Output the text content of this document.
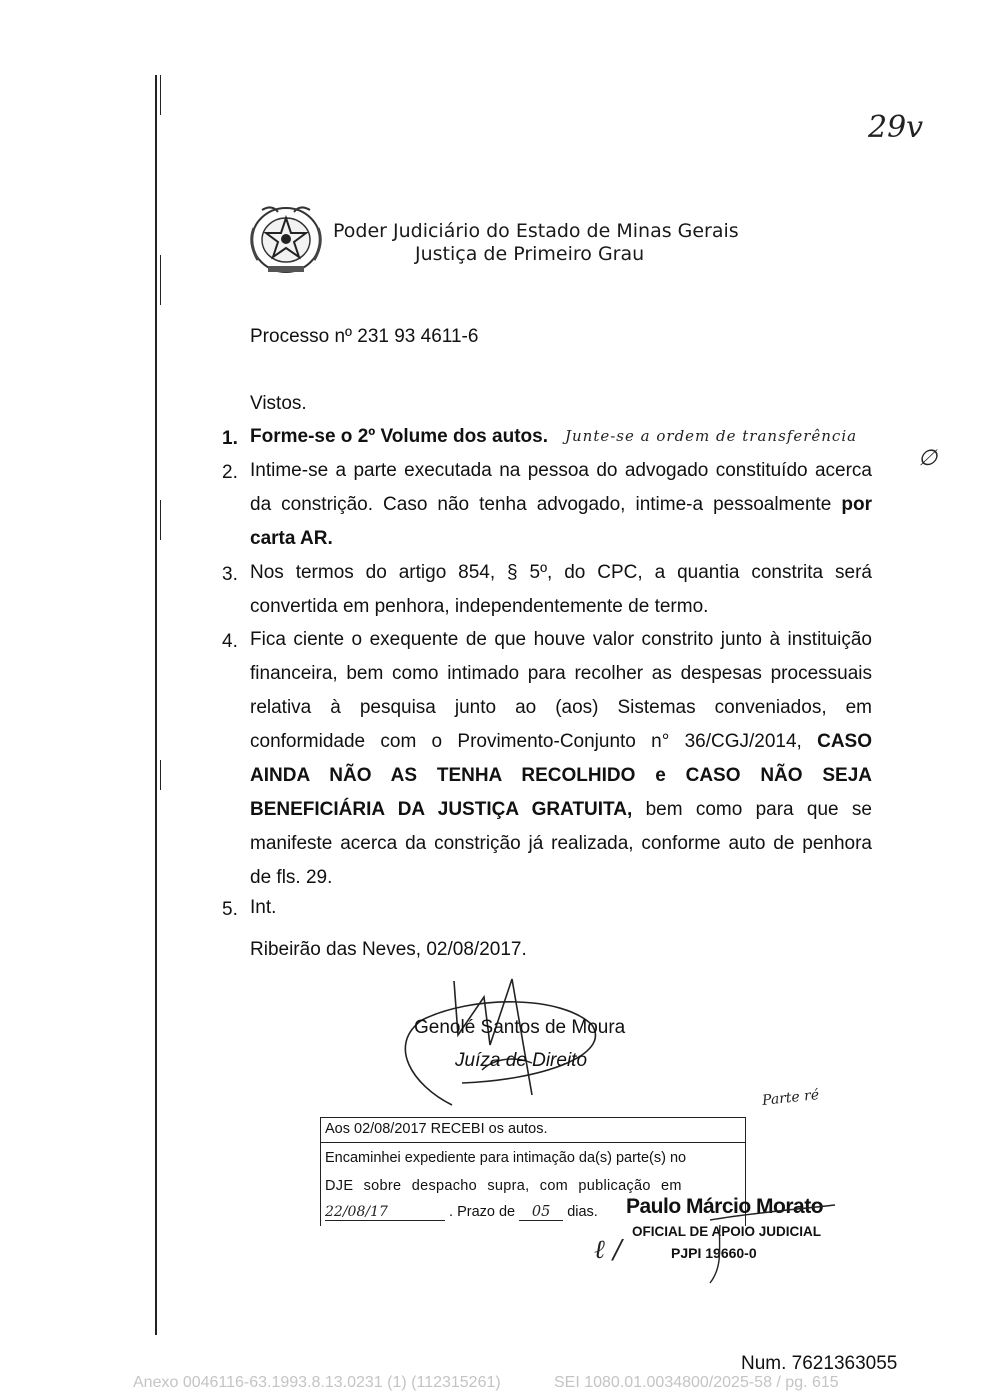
29v
Poder Judiciário do Estado de Minas Gerais
Justiça de Primeiro Grau
Processo nº 231 93 4611-6
Vistos.
1. Forme-se o 2º Volume dos autos.	Junte-se a ordem de transferência
∅
2. Intime-se a parte executada na pessoa do advogado constituído acerca da constrição. Caso não tenha advogado, intime-a pessoalmente por carta AR.
3. Nos termos do artigo 854, § 5º, do CPC, a quantia constrita será convertida em penhora, independentemente de termo.
4. Fica ciente o exequente de que houve valor constrito junto à instituição financeira, bem como intimado para recolher as despesas processuais relativa à pesquisa junto ao (aos) Sistemas conveniados, em conformidade com o Provimento-Conjunto n° 36/CGJ/2014, CASO AINDA NÃO AS TENHA RECOLHIDO e CASO NÃO SEJA BENEFICIÁRIA DA JUSTIÇA GRATUITA, bem como para que se manifeste acerca da constrição já realizada, conforme auto de penhora de fls. 29.
5. Int.
Ribeirão das Neves, 02/08/2017.
Genolé Santos de Moura
Juíza de Direito
Parte ré
Aos 02/08/2017 RECEBI os autos.
Encaminhei expediente para intimação da(s) parte(s) no
DJE sobre despacho supra, com publicação em
22/08/17	. Prazo de 05 dias. Paulo Márcio Morato
OFICIAL DE APOIO JUDICIAL
PJPI 19660-0
ℓ /
Num. 7621363055
Anexo 0046116-63.1993.8.13.0231 (1) (112315261)	SEI 1080.01.0034800/2025-58 / pg. 615
